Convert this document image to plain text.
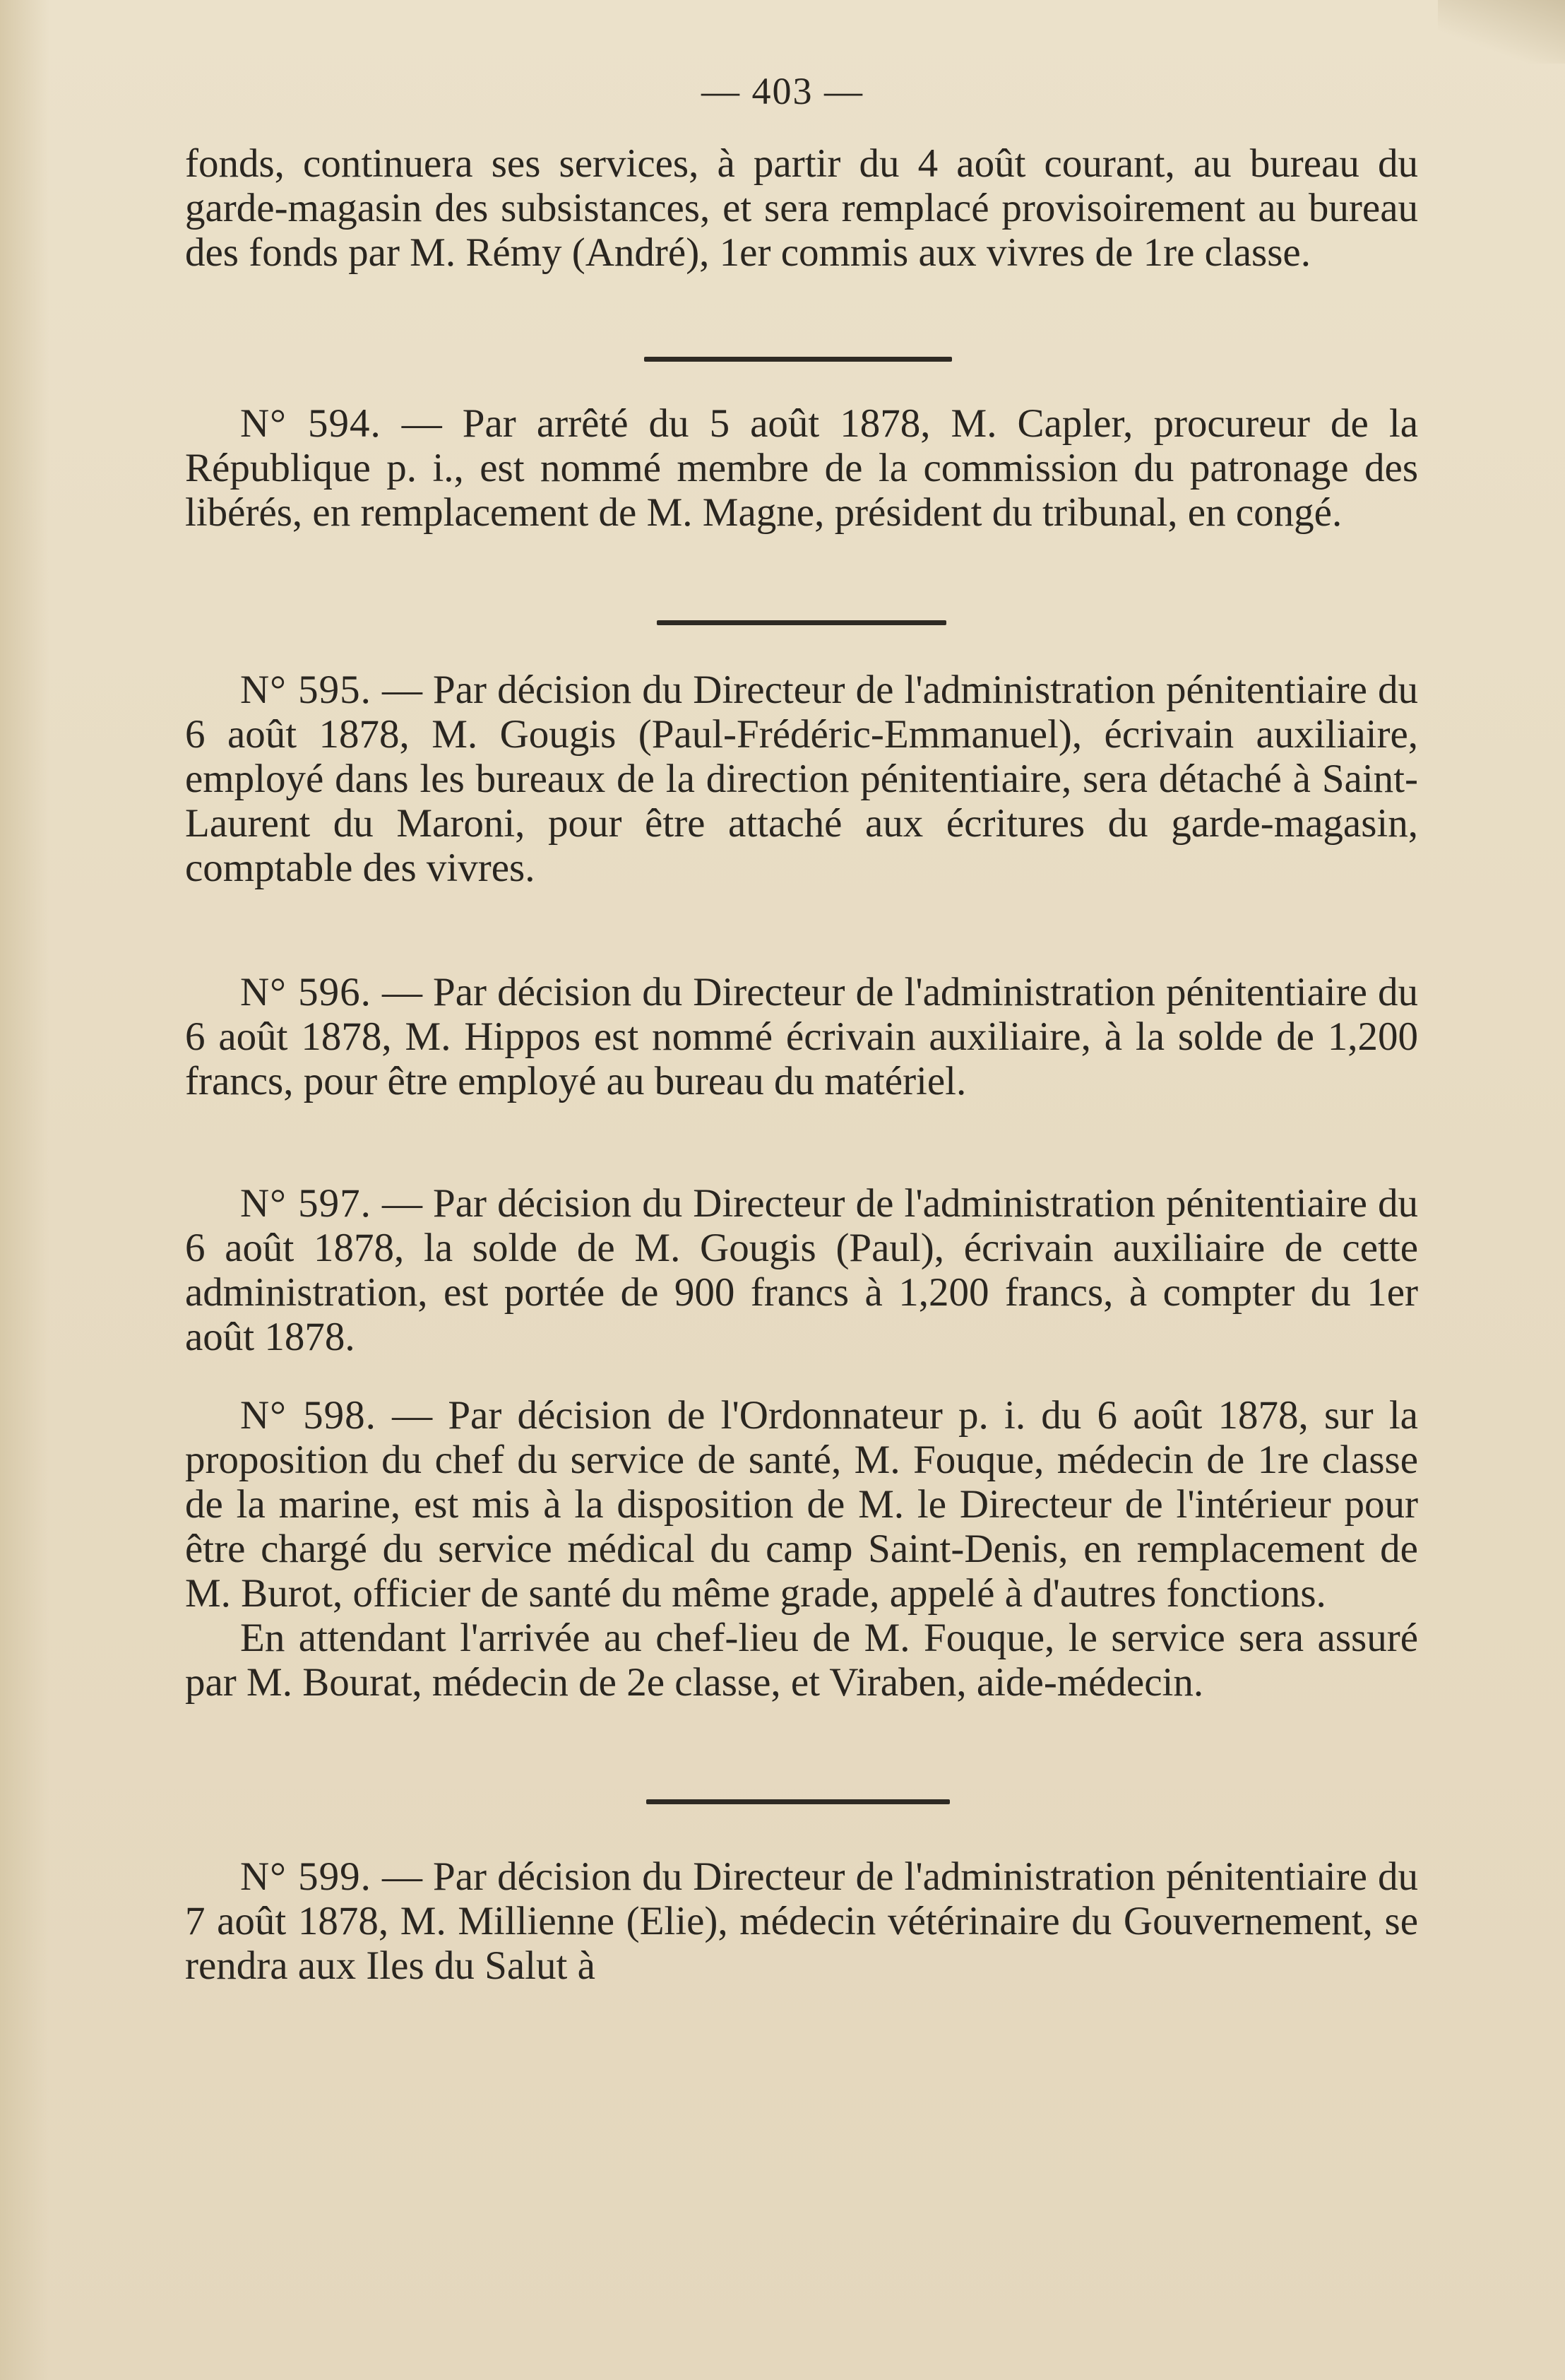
— 403 —

fonds, continuera ses services, à partir du 4 août courant, au bureau du garde-magasin des subsistances, et sera remplacé provisoirement au bureau des fonds par M. Rémy (André), 1er commis aux vivres de 1re classe.

N° 594. — Par arrêté du 5 août 1878, M. Capler, procureur de la République p. i., est nommé membre de la commission du patronage des libérés, en remplacement de M. Magne, président du tribunal, en congé.

N° 595. — Par décision du Directeur de l'administration pénitentiaire du 6 août 1878, M. Gougis (Paul-Frédéric-Emmanuel), écrivain auxiliaire, employé dans les bureaux de la direction pénitentiaire, sera détaché à Saint-Laurent du Maroni, pour être attaché aux écritures du garde-magasin, comptable des vivres.

N° 596. — Par décision du Directeur de l'administration pénitentiaire du 6 août 1878, M. Hippos est nommé écrivain auxiliaire, à la solde de 1,200 francs, pour être employé au bureau du matériel.

N° 597. — Par décision du Directeur de l'administration pénitentiaire du 6 août 1878, la solde de M. Gougis (Paul), écrivain auxiliaire de cette administration, est portée de 900 francs à 1,200 francs, à compter du 1er août 1878.

N° 598. — Par décision de l'Ordonnateur p. i. du 6 août 1878, sur la proposition du chef du service de santé, M. Fouque, médecin de 1re classe de la marine, est mis à la disposition de M. le Directeur de l'intérieur pour être chargé du service médical du camp Saint-Denis, en remplacement de M. Burot, officier de santé du même grade, appelé à d'autres fonctions.

En attendant l'arrivée au chef-lieu de M. Fouque, le service sera assuré par M. Bourat, médecin de 2e classe, et Viraben, aide-médecin.

N° 599. — Par décision du Directeur de l'administration pénitentiaire du 7 août 1878, M. Millienne (Elie), médecin vétérinaire du Gouvernement, se rendra aux Iles du Salut à
